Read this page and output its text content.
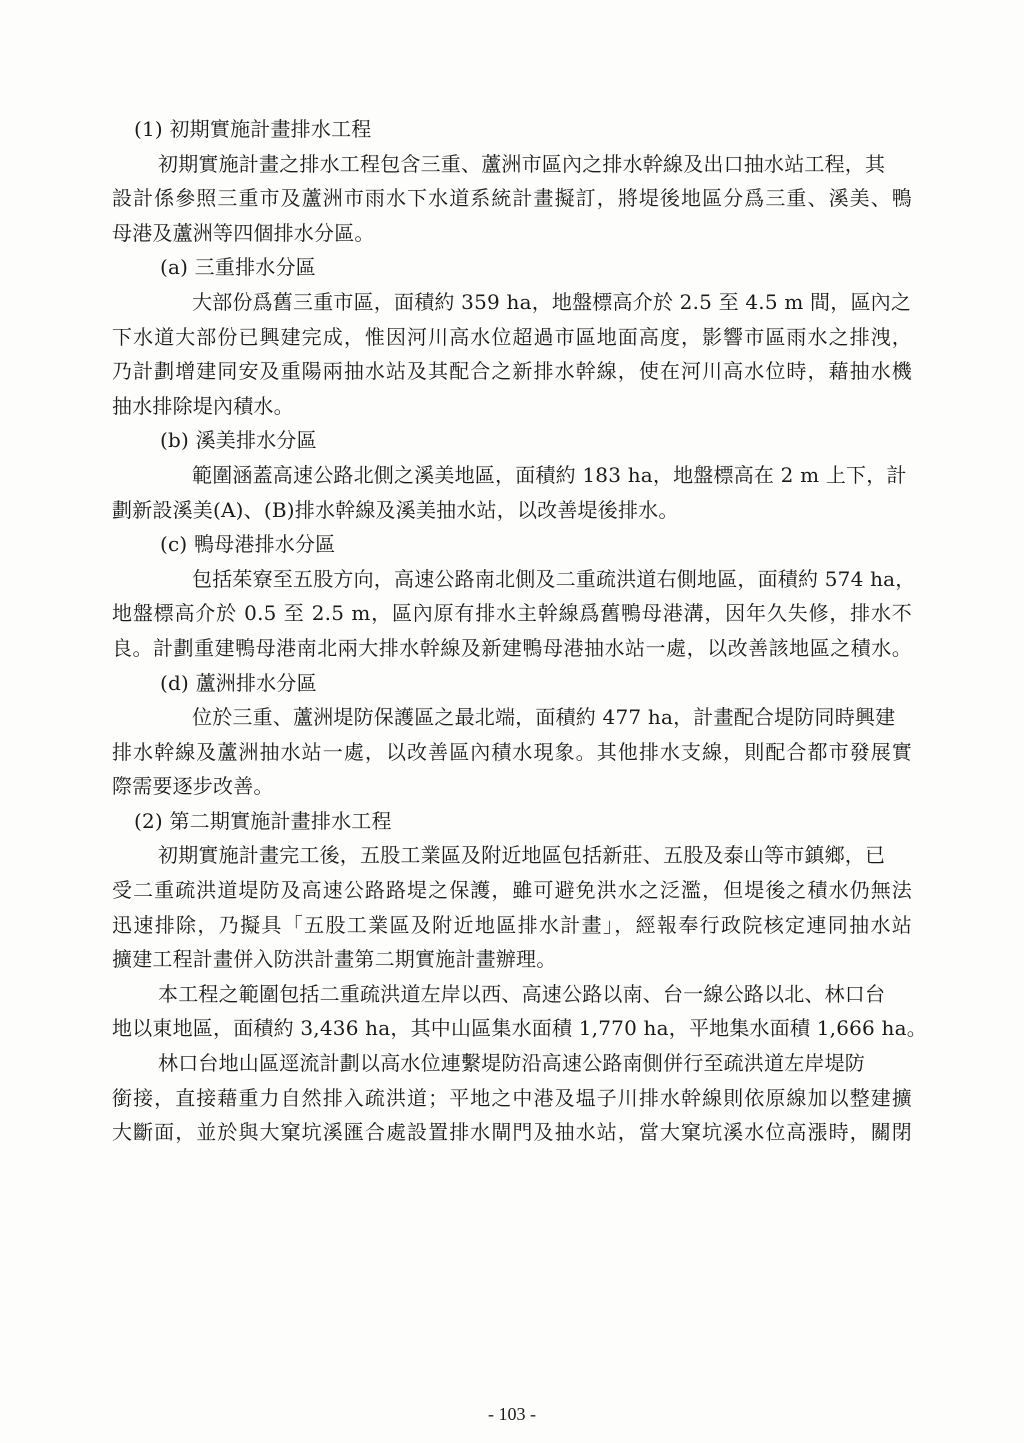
(1) 初期實施計畫排水工程
初期實施計畫之排水工程包含三重、蘆洲市區內之排水幹線及出口抽水站工程，其
設計係參照三重市及蘆洲市雨水下水道系統計畫擬訂，將堤後地區分爲三重、溪美、鴨
母港及蘆洲等四個排水分區。
(a) 三重排水分區
大部份爲舊三重市區，面積約 359 ha，地盤標高介於 2.5 至 4.5 m 間，區內之
下水道大部份已興建完成，惟因河川高水位超過市區地面高度，影響市區雨水之排洩，
乃計劃增建同安及重陽兩抽水站及其配合之新排水幹線，使在河川高水位時，藉抽水機
抽水排除堤內積水。
(b) 溪美排水分區
範圍涵蓋高速公路北側之溪美地區，面積約 183 ha，地盤標高在 2 m 上下，計
劃新設溪美(A)、(B)排水幹線及溪美抽水站，以改善堤後排水。
(c) 鴨母港排水分區
包括茱寮至五股方向，高速公路南北側及二重疏洪道右側地區，面積約 574 ha，
地盤標高介於 0.5 至 2.5 m，區內原有排水主幹線爲舊鴨母港溝，因年久失修，排水不
良。計劃重建鴨母港南北兩大排水幹線及新建鴨母港抽水站一處，以改善該地區之積水。
(d) 蘆洲排水分區
位於三重、蘆洲堤防保護區之最北端，面積約 477 ha，計畫配合堤防同時興建
排水幹線及蘆洲抽水站一處，以改善區內積水現象。其他排水支線，則配合都市發展實
際需要逐步改善。
(2) 第二期實施計畫排水工程
初期實施計畫完工後，五股工業區及附近地區包括新莊、五股及泰山等市鎮鄉，已
受二重疏洪道堤防及高速公路路堤之保護，雖可避免洪水之泛濫，但堤後之積水仍無法
迅速排除，乃擬具「五股工業區及附近地區排水計畫」，經報奉行政院核定連同抽水站
擴建工程計畫併入防洪計畫第二期實施計畫辦理。
本工程之範圍包括二重疏洪道左岸以西、高速公路以南、台一線公路以北、林口台
地以東地區，面積約 3,436 ha，其中山區集水面積 1,770 ha，平地集水面積 1,666 ha。
林口台地山區逕流計劃以高水位連繫堤防沿高速公路南側併行至疏洪道左岸堤防
銜接，直接藉重力自然排入疏洪道；平地之中港及塭子川排水幹線則依原線加以整建擴
大斷面，並於與大窠坑溪匯合處設置排水閘門及抽水站，當大窠坑溪水位高漲時，關閉
- 103 -
